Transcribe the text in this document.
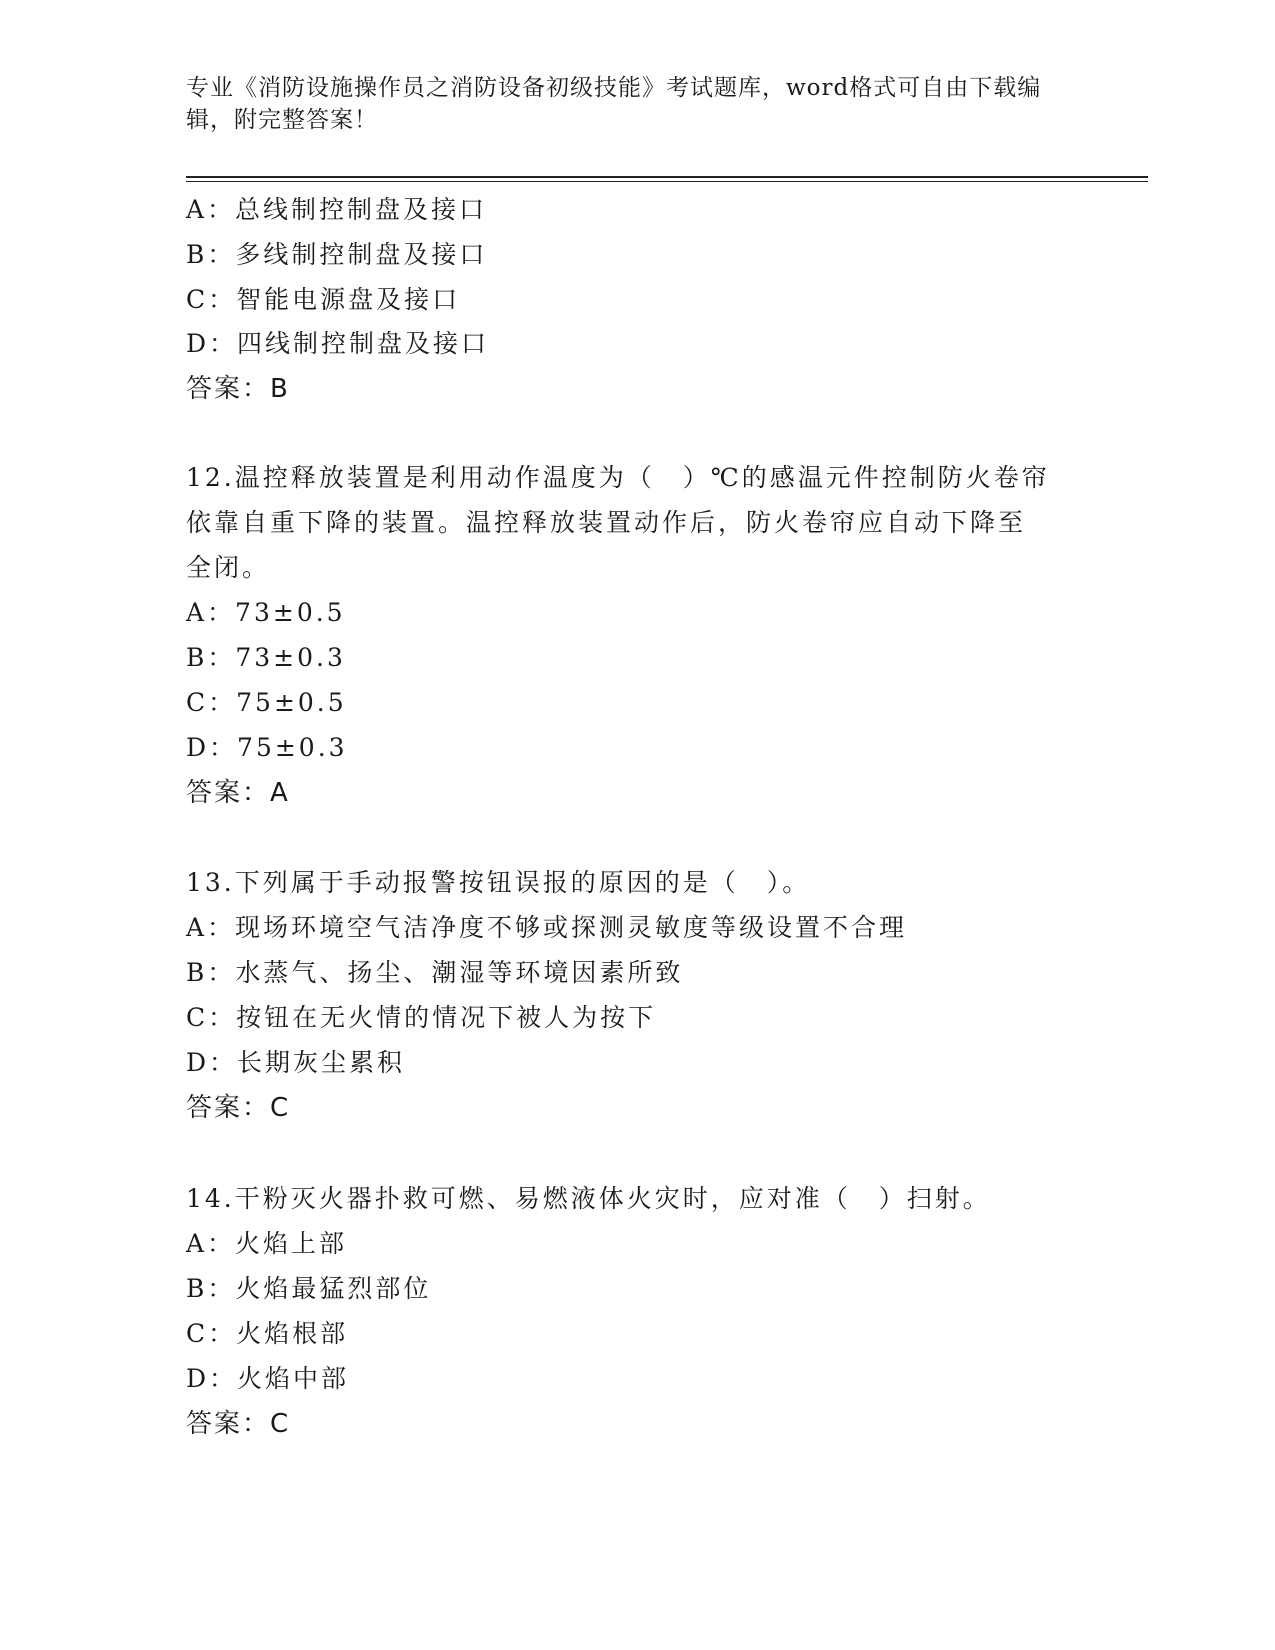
专业《消防设施操作员之消防设备初级技能》考试题库，word格式可自由下载编辑，附完整答案！
A：总线制控制盘及接口
B：多线制控制盘及接口
C：智能电源盘及接口
D：四线制控制盘及接口
答案：B
12.温控释放装置是利用动作温度为（　）℃的感温元件控制防火卷帘
依靠自重下降的装置。温控释放装置动作后，防火卷帘应自动下降至
全闭。
A：73±0.5
B：73±0.3
C：75±0.5
D：75±0.3
答案：A
13.下列属于手动报警按钮误报的原因的是（　）。
A：现场环境空气洁净度不够或探测灵敏度等级设置不合理
B：水蒸气、扬尘、潮湿等环境因素所致
C：按钮在无火情的情况下被人为按下
D：长期灰尘累积
答案：C
14.干粉灭火器扑救可燃、易燃液体火灾时，应对准（　）扫射。
A：火焰上部
B：火焰最猛烈部位
C：火焰根部
D：火焰中部
答案：C
